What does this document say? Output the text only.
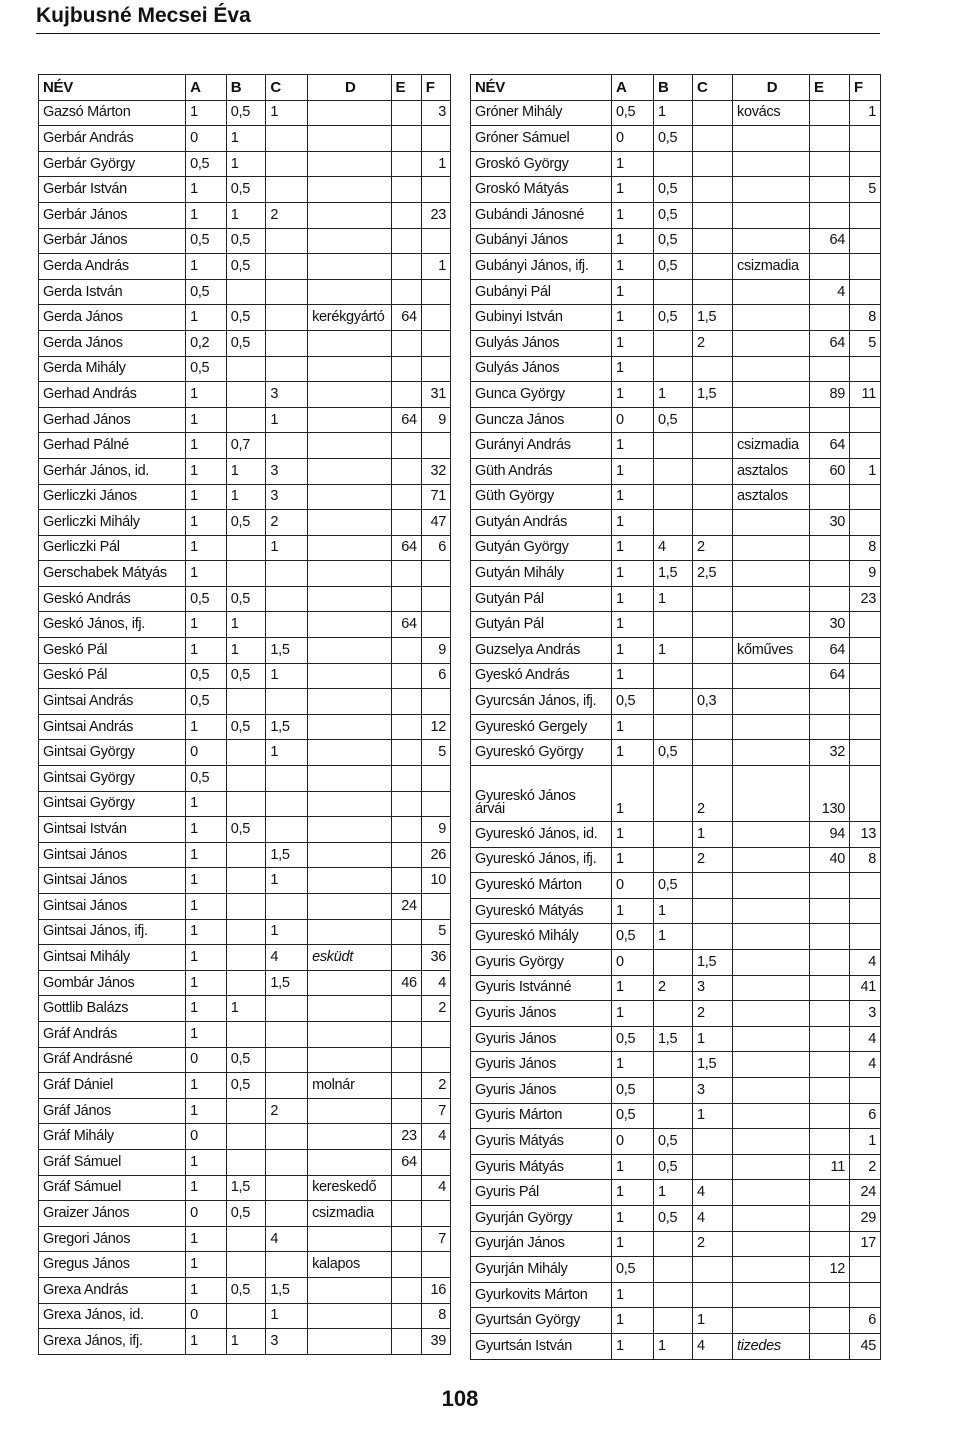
Kujbusné Mecsei Éva
NÉV	A	B	C	D	E	F
Gazsó Márton	1	0,5	1			3
Gerbár András	0	1				
Gerbár György	0,5	1				1
Gerbár István	1	0,5				
Gerbár János	1	1	2			23
Gerbár János	0,5	0,5				
Gerda András	1	0,5				1
Gerda István	0,5					
Gerda János	1	0,5		kerékgyártó	64	
Gerda János	0,2	0,5				
Gerda Mihály	0,5					
Gerhad András	1		3			31
Gerhad János	1		1		64	9
Gerhad Pálné	1	0,7				
Gerhár János, id.	1	1	3			32
Gerliczki János	1	1	3			71
Gerliczki Mihály	1	0,5	2			47
Gerliczki Pál	1		1		64	6
Gerschabek Mátyás	1					
Geskó András	0,5	0,5				
Geskó János, ifj.	1	1			64	
Geskó Pál	1	1	1,5			9
Geskó Pál	0,5	0,5	1			6
Gintsai András	0,5					
Gintsai András	1	0,5	1,5			12
Gintsai György	0		1			5
Gintsai György	0,5					
Gintsai György	1					
Gintsai István	1	0,5				9
Gintsai János	1		1,5			26
Gintsai János	1		1			10
Gintsai János	1				24	
Gintsai János, ifj.	1		1			5
Gintsai Mihály	1		4	esküdt		36
Gombár János	1		1,5		46	4
Gottlib Balázs	1	1				2
Gráf András	1					
Gráf Andrásné	0	0,5				
Gráf Dániel	1	0,5		molnár		2
Gráf János	1		2			7
Gráf Mihály	0				23	4
Gráf Sámuel	1				64	
Gráf Sámuel	1	1,5		kereskedő		4
Graizer János	0	0,5		csizmadia		
Gregori János	1		4			7
Gregus János	1			kalapos		
Grexa András	1	0,5	1,5			16
Grexa János, id.	0		1			8
Grexa János, ifj.	1	1	3			39
NÉV	A	B	C	D	E	F
Gróner Mihály	0,5	1		kovács		1
Gróner Sámuel	0	0,5				
Groskó György	1					
Groskó Mátyás	1	0,5				5
Gubándi Jánosné	1	0,5				
Gubányi János	1	0,5			64	
Gubányi János, ifj.	1	0,5		csizmadia		
Gubányi Pál	1				4	
Gubinyi István	1	0,5	1,5			8
Gulyás János	1		2		64	5
Gulyás János	1					
Gunca György	1	1	1,5		89	11
Guncza János	0	0,5				
Gurányi András	1			csizmadia	64	
Güth András	1			asztalos	60	1
Güth György	1			asztalos		
Gutyán András	1				30	
Gutyán György	1	4	2			8
Gutyán Mihály	1	1,5	2,5			9
Gutyán Pál	1	1				23
Gutyán Pál	1				30	
Guzselya András	1	1		kőműves	64	
Gyeskó András	1				64	
Gyurcsán János, ifj.	0,5		0,3			
Gyureskó Gergely	1					
Gyureskó György	1	0,5			32	
Gyureskó János árvái	1		2		130	
Gyureskó János, id.	1		1		94	13
Gyureskó János, ifj.	1		2		40	8
Gyureskó Márton	0	0,5				
Gyureskó Mátyás	1	1				
Gyureskó Mihály	0,5	1				
Gyuris György	0		1,5			4
Gyuris Istvánné	1	2	3			41
Gyuris János	1		2			3
Gyuris János	0,5	1,5	1			4
Gyuris János	1		1,5			4
Gyuris János	0,5		3			
Gyuris Márton	0,5		1			6
Gyuris Mátyás	0	0,5				1
Gyuris Mátyás	1	0,5			11	2
Gyuris Pál	1	1	4			24
Gyurján György	1	0,5	4			29
Gyurján János	1		2			17
Gyurján Mihály	0,5				12	
Gyurkovits Márton	1					
Gyurtsán György	1		1			6
Gyurtsán István	1	1	4	tizedes		45
108
